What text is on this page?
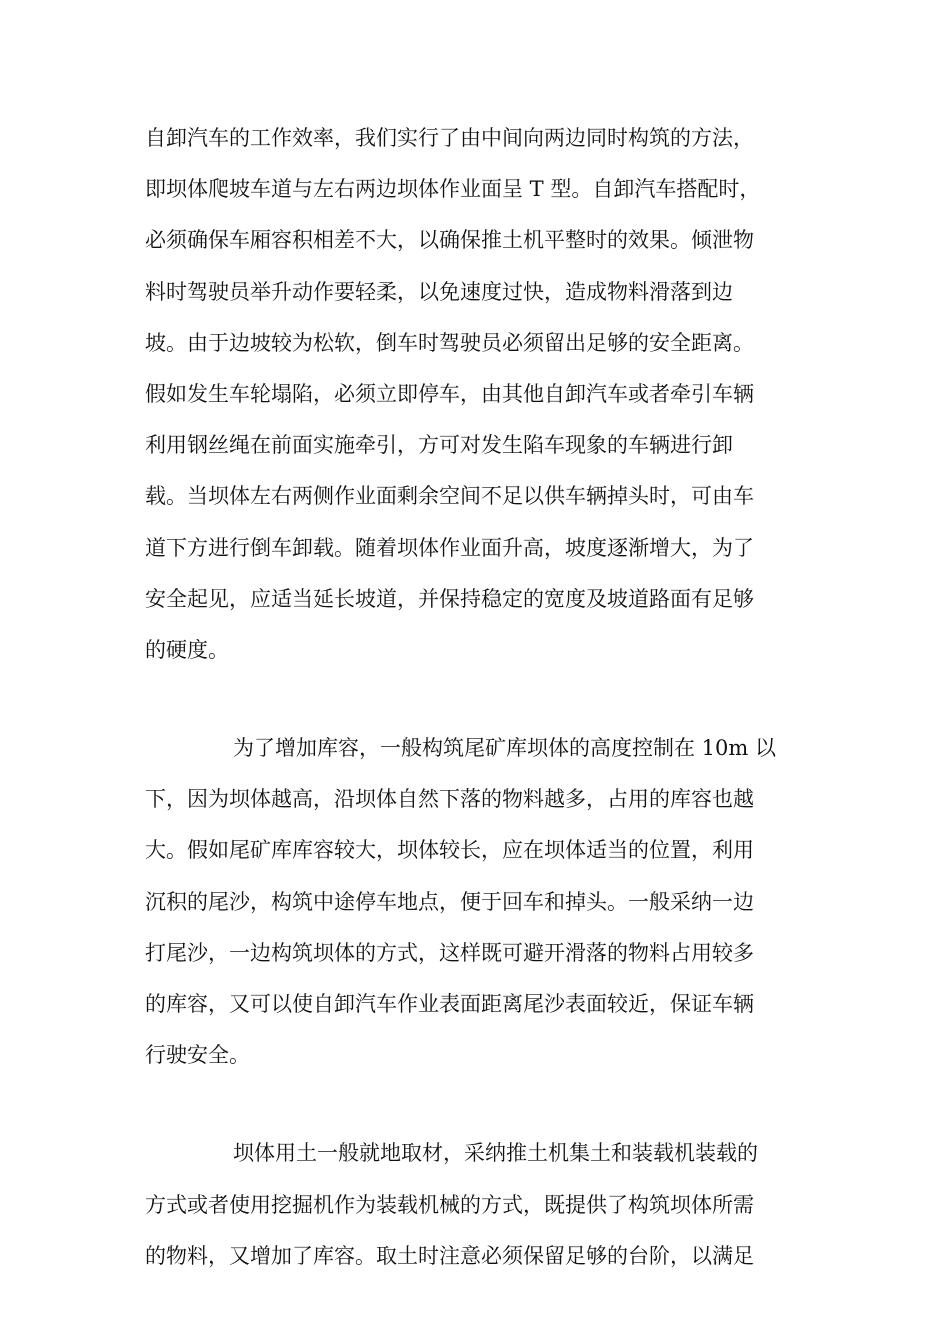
自卸汽车的工作效率，我们实行了由中间向两边同时构筑的方法，
即坝体爬坡车道与左右两边坝体作业面呈 T 型。自卸汽车搭配时，
必须确保车厢容积相差不大，以确保推土机平整时的效果。倾泄物
料时驾驶员举升动作要轻柔，以免速度过快，造成物料滑落到边
坡。由于边坡较为松软，倒车时驾驶员必须留出足够的安全距离。
假如发生车轮塌陷，必须立即停车，由其他自卸汽车或者牵引车辆
利用钢丝绳在前面实施牵引，方可对发生陷车现象的车辆进行卸
载。当坝体左右两侧作业面剩余空间不足以供车辆掉头时，可由车
道下方进行倒车卸载。随着坝体作业面升高，坡度逐渐增大，为了
安全起见，应适当延长坡道，并保持稳定的宽度及坡道路面有足够
的硬度。
为了增加库容，一般构筑尾矿库坝体的高度控制在 10m 以
下，因为坝体越高，沿坝体自然下落的物料越多，占用的库容也越
大。假如尾矿库库容较大，坝体较长，应在坝体适当的位置，利用
沉积的尾沙，构筑中途停车地点，便于回车和掉头。一般采纳一边
打尾沙，一边构筑坝体的方式，这样既可避开滑落的物料占用较多
的库容，又可以使自卸汽车作业表面距离尾沙表面较近，保证车辆
行驶安全。
坝体用土一般就地取材，采纳推土机集土和装载机装载的
方式或者使用挖掘机作为装载机械的方式，既提供了构筑坝体所需
的物料，又增加了库容。取土时注意必须保留足够的台阶，以满足
